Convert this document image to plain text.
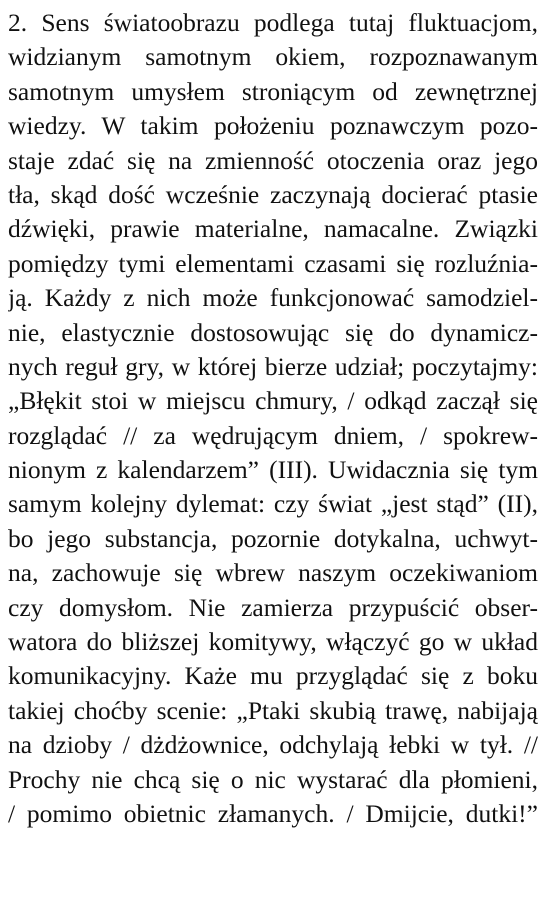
2. Sens światoobrazu podlega tutaj fluktuacjom,
widzianym samotnym okiem, rozpoznawanym
samotnym umysłem stroniącym od zewnętrznej
wiedzy. W takim położeniu poznawczym pozo-
staje zdać się na zmienność otoczenia oraz jego
tła, skąd dość wcześnie zaczynają docierać ptasie
dźwięki, prawie materialne, namacalne. Związki
pomiędzy tymi elementami czasami się rozluźnia-
ją. Każdy z nich może funkcjonować samodziel-
nie, elastycznie dostosowując się do dynamicz-
nych reguł gry, w której bierze udział; poczytajmy:
„Błękit stoi w miejscu chmury, / odkąd zaczął się
rozglądać // za wędrującym dniem, / spokrew-
nionym z kalendarzem” (III). Uwidacznia się tym
samym kolejny dylemat: czy świat „jest stąd” (II),
bo jego substancja, pozornie dotykalna, uchwyt-
na, zachowuje się wbrew naszym oczekiwaniom
czy domysłom. Nie zamierza przypuścić obser-
watora do bliższej komitywy, włączyć go w układ
komunikacyjny. Każe mu przyglądać się z boku
takiej choćby scenie: „Ptaki skubią trawę, nabijają
na dzioby / dżdżownice, odchylają łebki w tył. //
Prochy nie chcą się o nic wystarać dla płomieni,
/ pomimo obietnic złamanych. / Dmijcie, dutki!”
